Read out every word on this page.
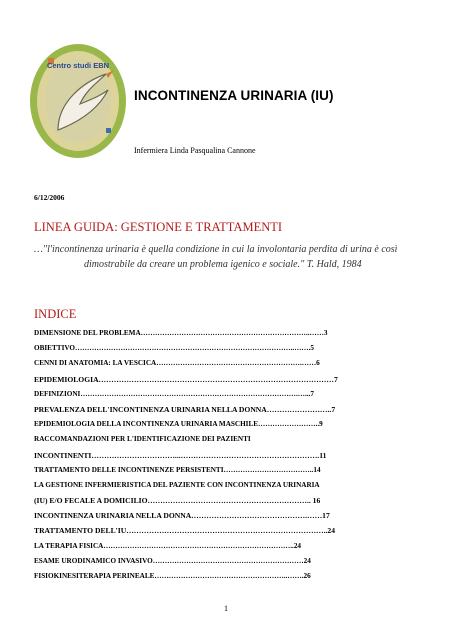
Centro studi EBN
INCONTINENZA URINARIA (IU)
Infermiera Linda Pasqualina Cannone
6/12/2006
LINEA GUIDA: GESTIONE E TRATTAMENTI
…"l'incontinenza urinaria è quella condizione in cui la involontaria perdita di urina è così
dimostrabile da creare un problema igenico e sociale." T. Hald, 1984
INDICE
DIMENSIONE DEL PROBLEMA……………………………………………………………..……3
OBIETTIVO………………………………………………………………………………..…….5
CENNI DI ANATOMIA: LA VESCICA…………………………………………………….……6
EPIDEMIOLOGIA…………………………………………………………………………………7
DEFINIZIONI……………………………………………………………………………….…...7
PREVALENZA DELL'INCONTINENZA URINARIA NELLA DONNA……………………..7
EPIDEMIOLOGIA DELLA INCONTINENZA URINARIA MASCHILE……………………..9
RACCOMANDAZIONI PER L'IDENTIFICAZIONE DEI PAZIENTI
INCONTINENTI……………………………...……………………………………………….11
TRATTAMENTO DELLE INCONTINENZE PERSISTENTI………………………………..14
LA GESTIONE INFERMIERISTICA DEL PAZIENTE CON INCONTINENZA URINARIA
(IU) E/O FECALE A DOMICILIO……………………………………………………….. 16
INCONTINENZA URINARIA NELLA DONNA……………………………………….……17
TRATTAMENTO DELL'IU……………………………………………………………………..24
LA TERAPIA FISICA……………………………………………………………………..24
ESAME URODINAMICO INVASIVO………………………………………………………24
FISIOKINESITERAPIA PERINEALE………………………………………………..…….26
1
